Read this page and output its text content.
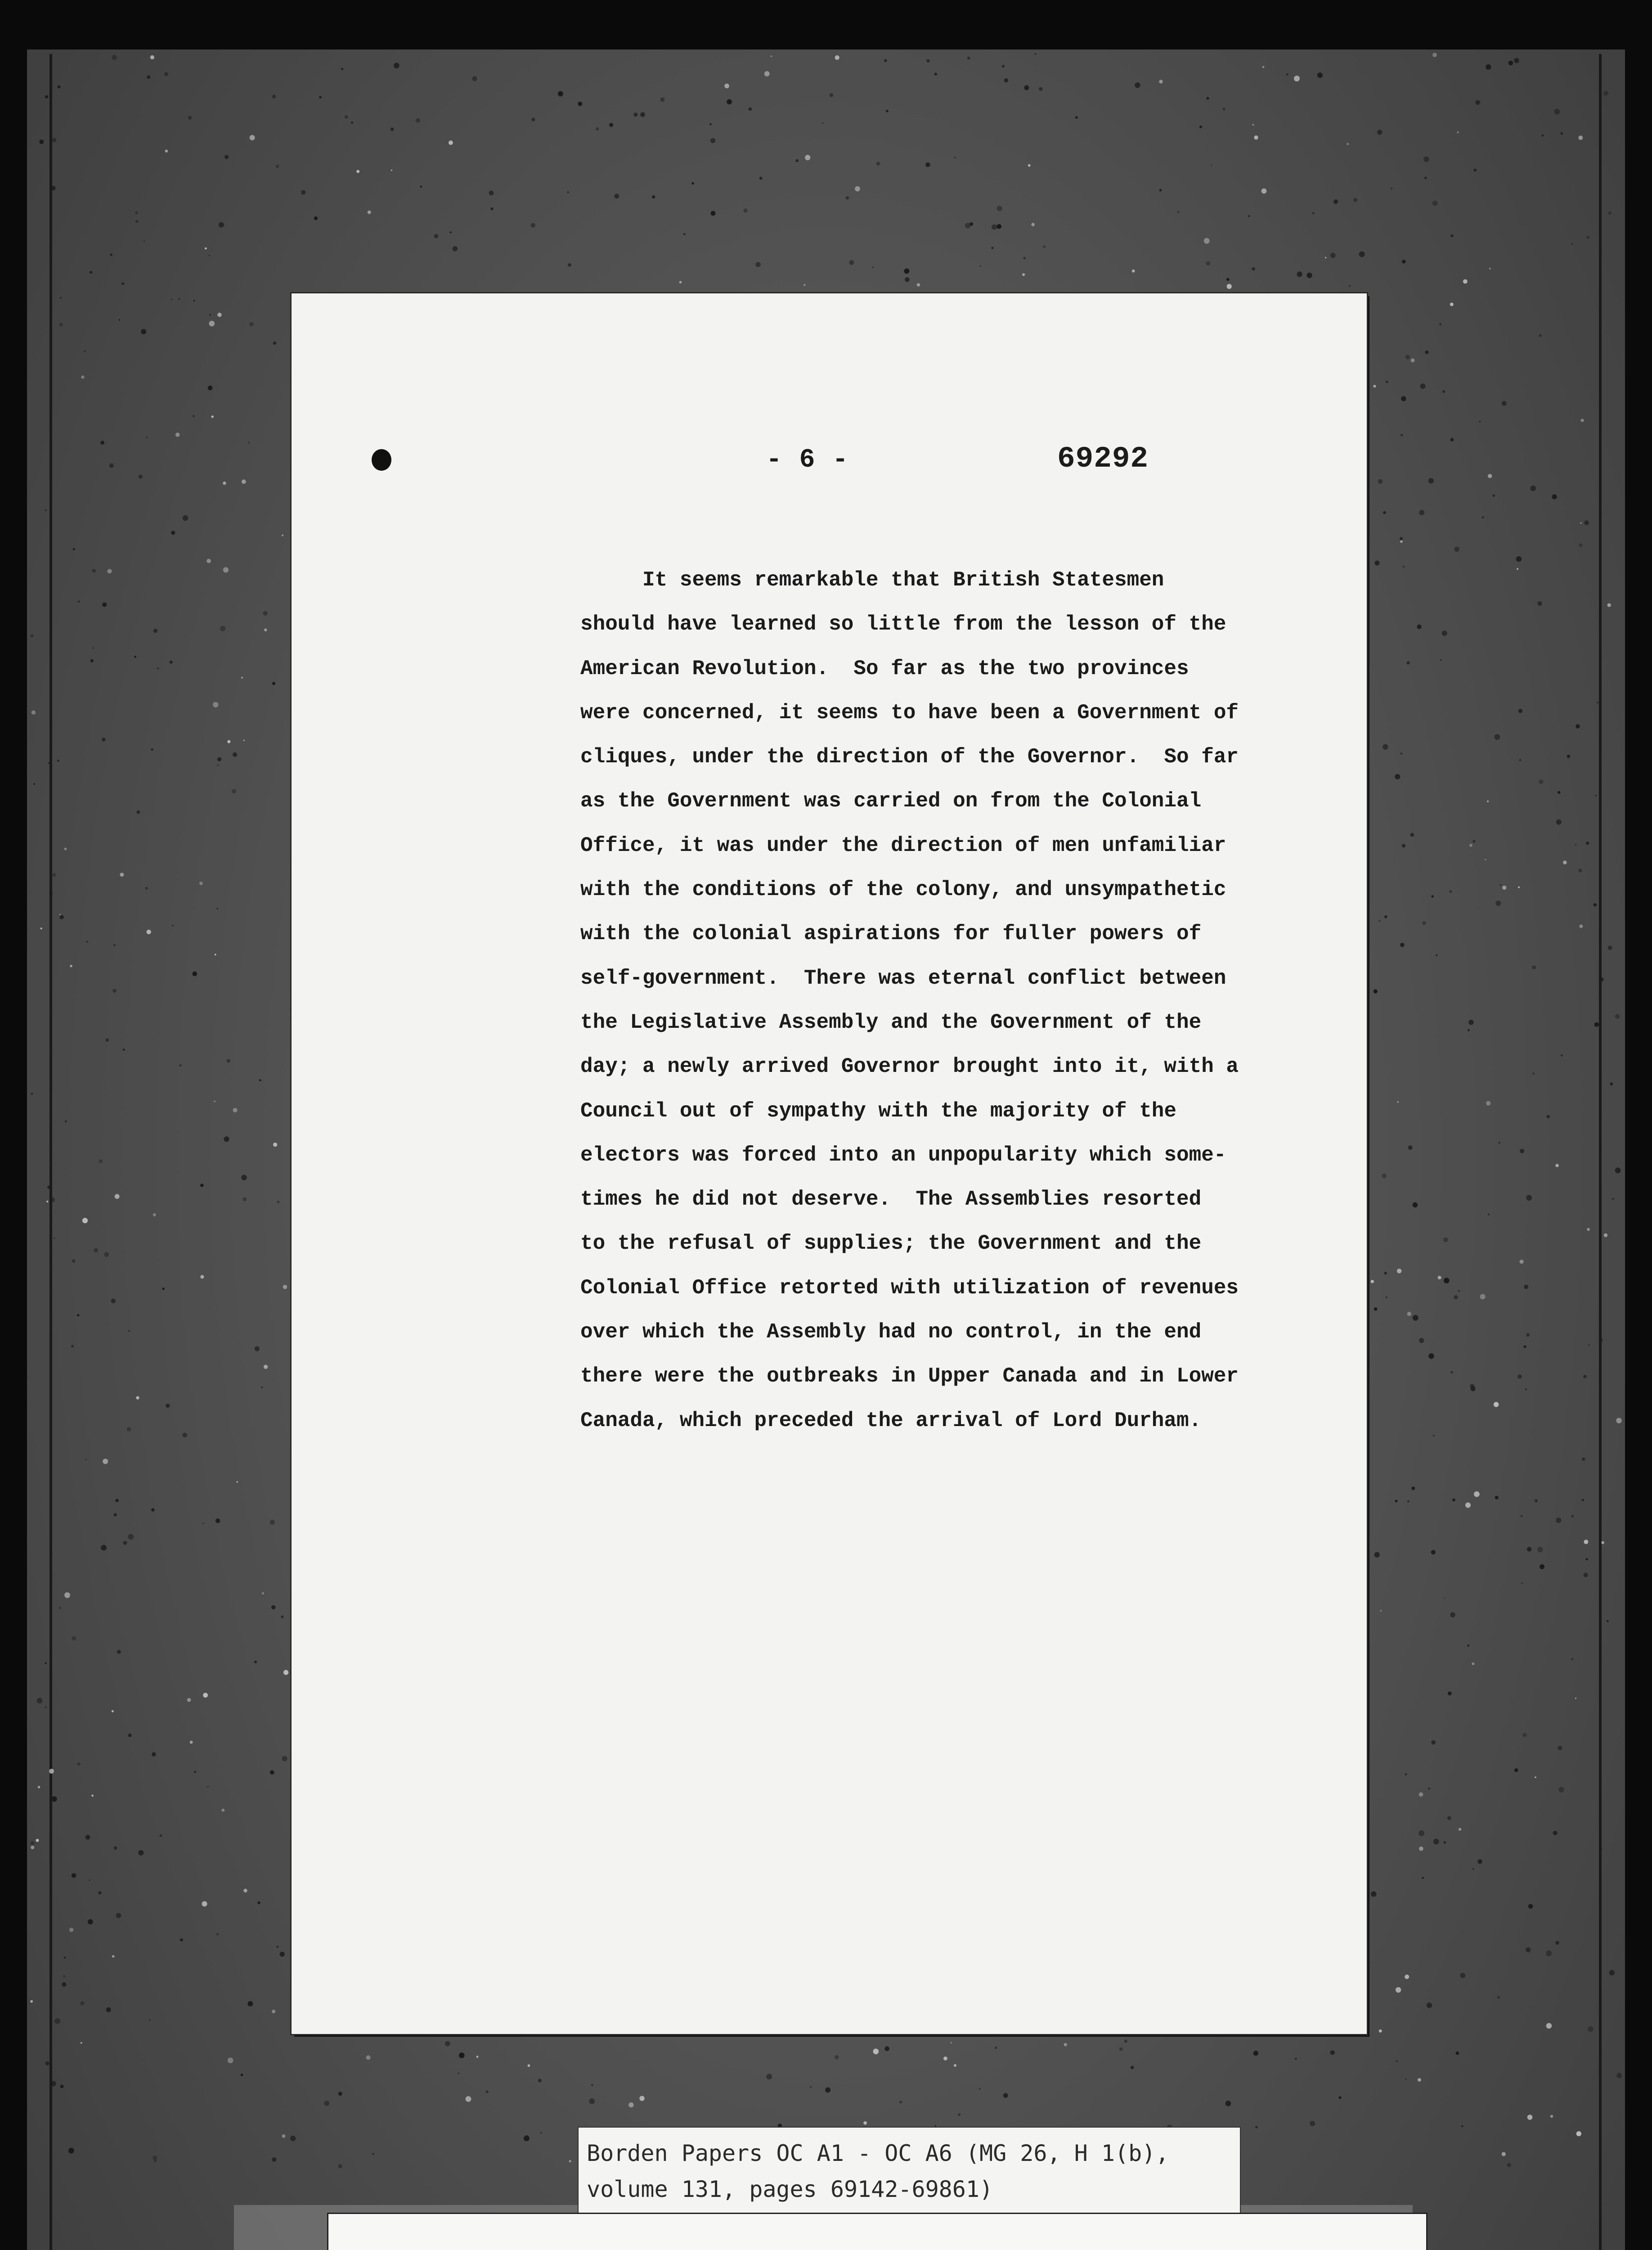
- 6 -	69292
It seems remarkable that British Statesmen
should have learned so little from the lesson of the
American Revolution.  So far as the two provinces
were concerned, it seems to have been a Government of
cliques, under the direction of the Governor.  So far
as the Government was carried on from the Colonial
Office, it was under the direction of men unfamiliar
with the conditions of the colony, and unsympathetic
with the colonial aspirations for fuller powers of
self-government.  There was eternal conflict between
the Legislative Assembly and the Government of the
day; a newly arrived Governor brought into it, with a
Council out of sympathy with the majority of the
electors was forced into an unpopularity which some-
times he did not deserve.  The Assemblies resorted
to the refusal of supplies; the Government and the
Colonial Office retorted with utilization of revenues
over which the Assembly had no control, in the end
there were the outbreaks in Upper Canada and in Lower
Canada, which preceded the arrival of Lord Durham.
Borden Papers OC A1 - OC A6 (MG 26, H 1(b),
volume 131, pages 69142-69861)
